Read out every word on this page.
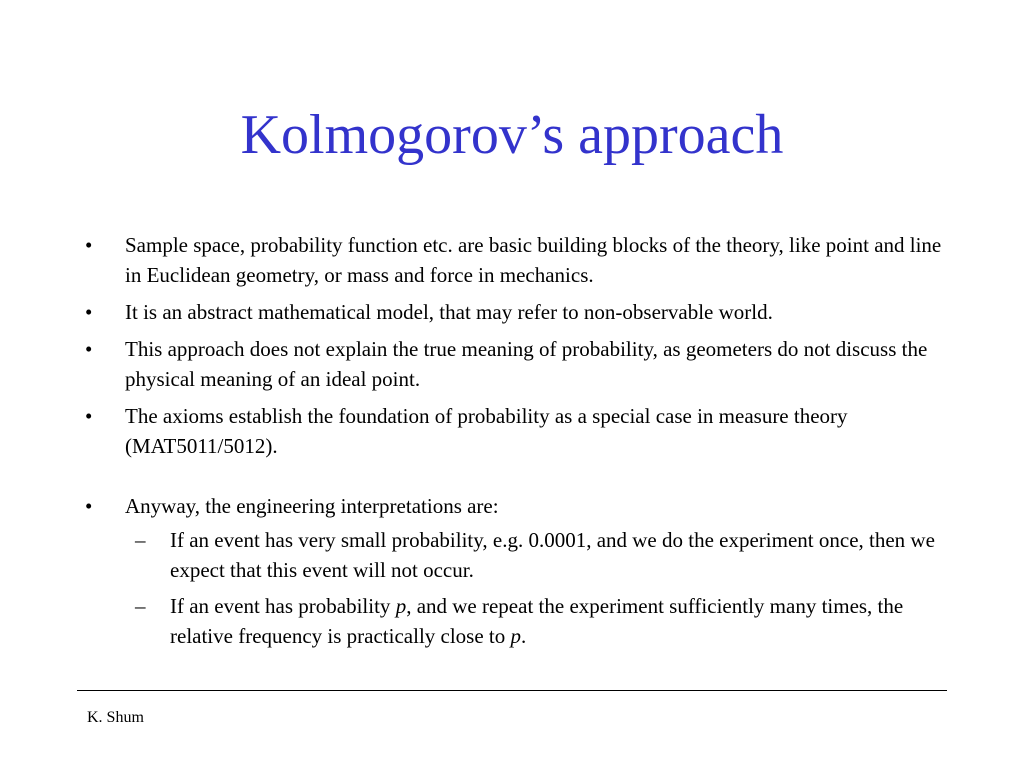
Kolmogorov’s approach
• Sample space, probability function etc. are basic building blocks of the theory, like point and line in Euclidean geometry, or mass and force in mechanics.
• It is an abstract mathematical model, that may refer to non-observable world.
• This approach does not explain the true meaning of probability, as geometers do not discuss the physical meaning of an ideal point.
• The axioms establish the foundation of probability as a special case in measure theory (MAT5011/5012).
• Anyway, the engineering interpretations are:
– If an event has very small probability, e.g. 0.0001, and we do the experiment once, then we expect that this event will not occur.
– If an event has probability p, and we repeat the experiment sufficiently many times, the relative frequency is practically close to p.
K. Shum
